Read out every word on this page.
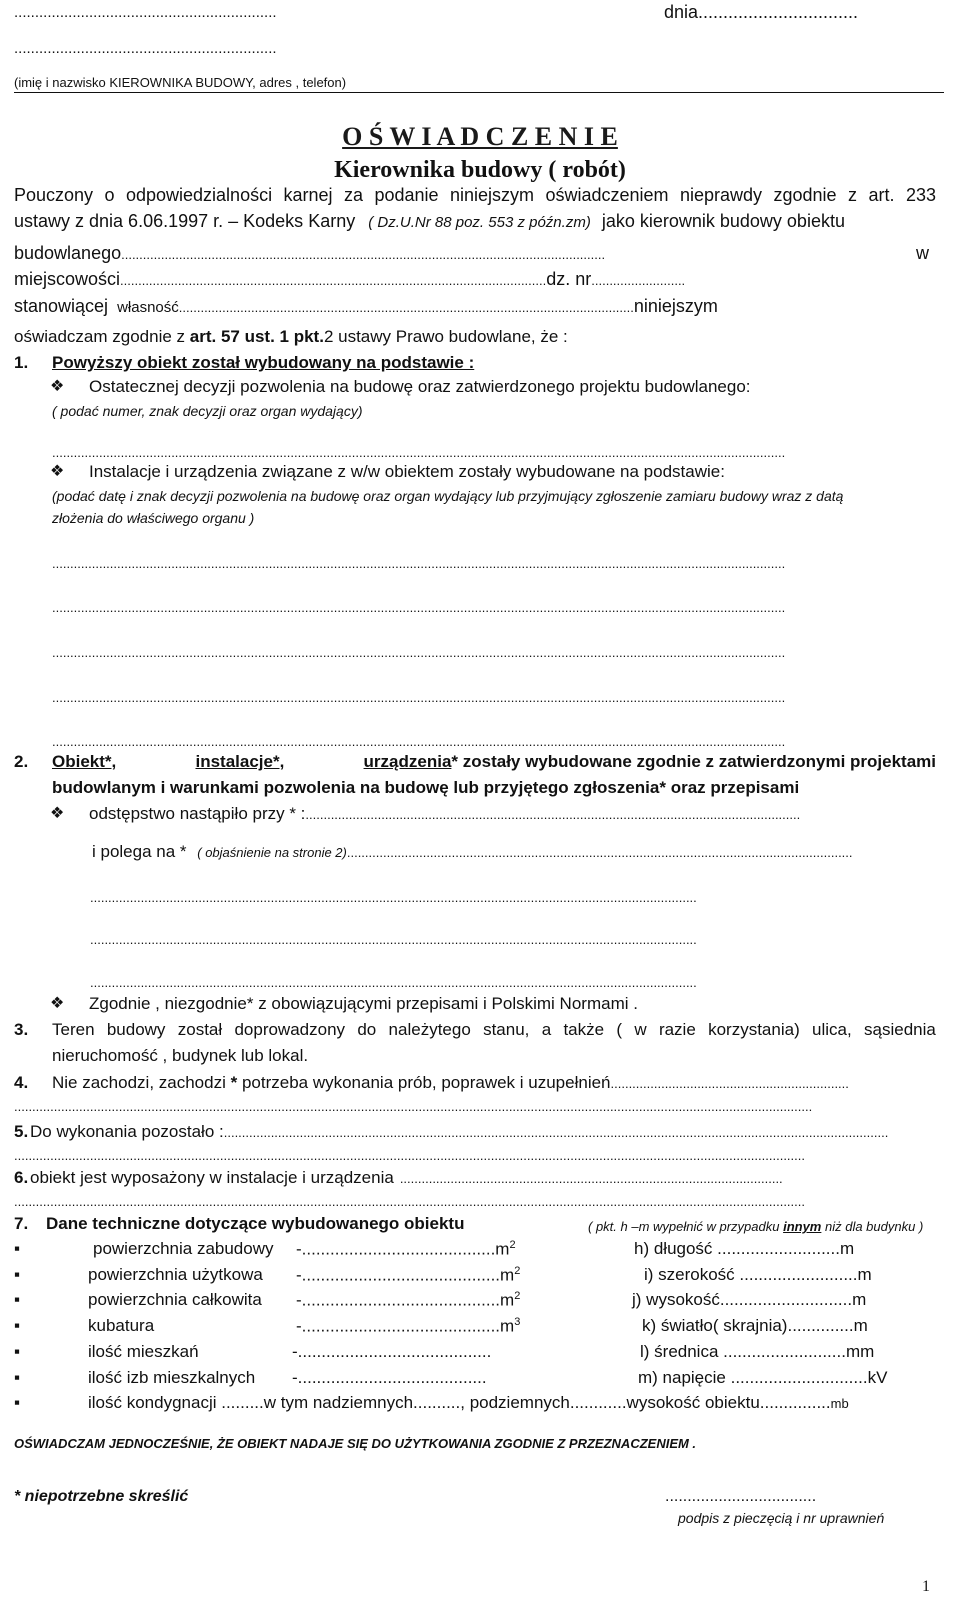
...............................................................	dnia................................
...............................................................
(imię i nazwisko KIEROWNIKA BUDOWY, adres , telefon)
O Ś W I A D C Z E N I E
Kierownika budowy ( robót)
Pouczony o odpowiedzialności karnej za podanie niniejszym oświadczeniem nieprawdy zgodnie z art. 233
ustawy z dnia 6.06.1997 r. – Kodeks Karny ( Dz.U.Nr 88 poz. 553 z późn.zm) jako kierownik budowy obiektu
budowlanego......................................................................................................................................	w
miejscowości......................................................................................................................dz. nr..........................
stanowiącej własność..............................................................................................................................niniejszym
oświadczam zgodnie z art. 57 ust. 1 pkt.2 ustawy Prawo budowlane, że :
1. Powyższy obiekt został wybudowany na podstawie :
❖ Ostatecznej decyzji pozwolenia na budowę oraz zatwierdzonego projektu budowlanego:
( podać numer, znak decyzji oraz organ wydający)
...........................................................................................................................................................................................................
❖ Instalacje i urządzenia związane z w/w obiektem zostały wybudowane na podstawie:
(podać datę i znak decyzji pozwolenia na budowę oraz organ wydający lub przyjmujący zgłoszenie zamiaru budowy wraz z datą
złożenia do właściwego organu )
...........................................................................................................................................................................................................
...........................................................................................................................................................................................................
...........................................................................................................................................................................................................
...........................................................................................................................................................................................................
...........................................................................................................................................................................................................
2. Obiekt*,	instalacje*,	urządzenia* zostały wybudowane zgodnie z zatwierdzonymi projektami
budowlanym i warunkami pozwolenia na budowę lub przyjętego zgłoszenia* oraz przepisami
❖ odstępstwo nastąpiło przy * :.........................................................................................................................................
i polega na * ( objaśnienie na stronie 2)............................................................................................................................................
........................................................................................................................................................................
........................................................................................................................................................................
........................................................................................................................................................................
❖ Zgodnie , niezgodnie* z obowiązującymi przepisami i Polskimi Normami .
3. Teren budowy został doprowadzony do należytego stanu, a także ( w razie korzystania) ulica, sąsiednia
nieruchomość , budynek lub lokal.
4. Nie zachodzi, zachodzi * potrzeba wykonania prób, poprawek i uzupełnień..................................................................
.............................................................................................................................................................................................................................
5. Do wykonania pozostało :........................................................................................................................................................................................
...........................................................................................................................................................................................................................
6. obiekt jest wyposażony w instalacje i urządzenia ..........................................................................................................
...........................................................................................................................................................................................................................
7. Dane techniczne dotyczące wybudowanego obiektu	( pkt. h –m wypełnić w przypadku innym niż dla budynku )
▪	powierzchnia zabudowy $-.........................................m^2$	h) długość ..........................m
▪	powierzchnia użytkowa $-..........................................m^2$	i) szerokość .........................m
▪	powierzchnia całkowita $-..........................................m^2$	j) wysokość............................m
▪	kubatura	$-..........................................m^3$	k) światło( skrajnia)..............m
▪	ilość mieszkań	-.........................................	l) średnica ..........................mm
▪	ilość izb mieszkalnych -........................................	m) napięcie .............................kV
▪	ilość kondygnacji .........w tym nadziemnych.........., podziemnych............wysokość obiektu...............mb
OŚWIADCZAM JEDNOCZEŚNIE, ŻE OBIEKT NADAJE SIĘ DO UŻYTKOWANIA ZGODNIE Z PRZEZNACZENIEM .
* niepotrzebne skreślić	..................................
podpis z pieczęcią i nr uprawnień
1
